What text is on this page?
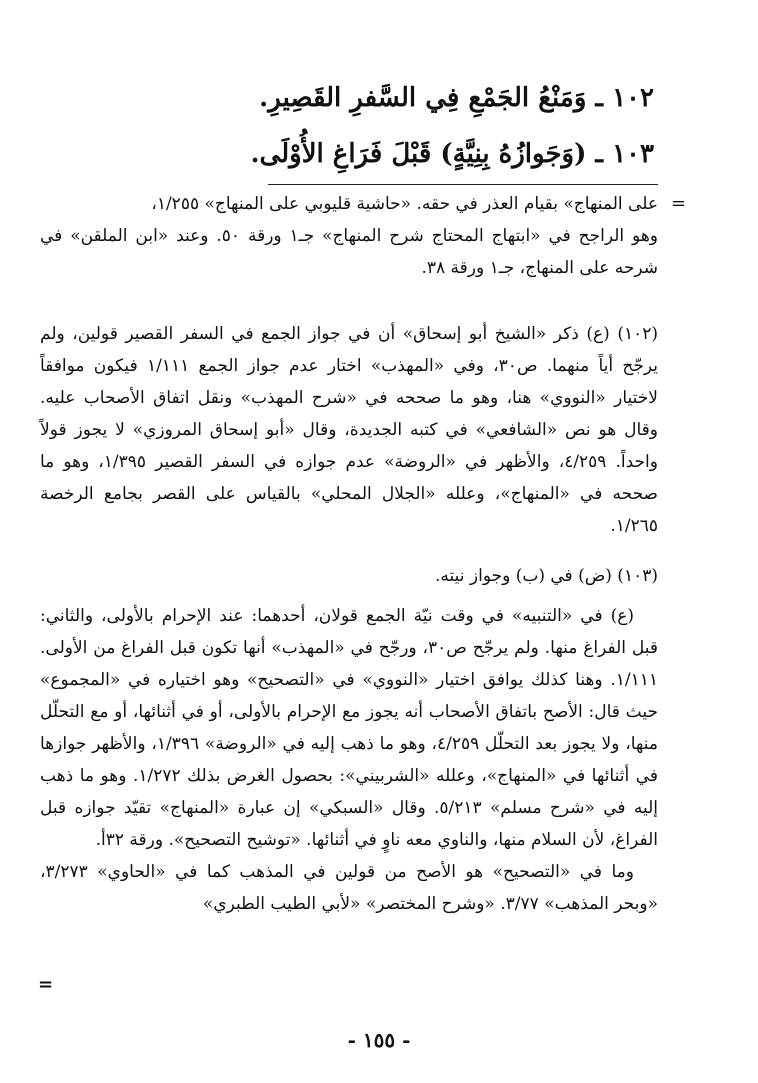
١٠٢ ـ وَمَنْعُ الجَمْعِ فِي السَّفرِ القَصِيرِ.
١٠٣ ـ (وَجَوازُهُ بِنِيَّةٍ) قَبْلَ فَرَاغِ الأُوْلَى.
=

على المنهاج» بقيام العذر في حقه. «حاشية قليوبي على المنهاج» ١/٢٥٥،

وهو الراجح في «ابتهاج المحتاج شرح المنهاج» جـ١ ورقة ٥٠. وعند «ابن الملقن» في شرحه على المنهاج، جـ١ ورقة ٣٨.

(١٠٢) (ع) ذكر «الشيخ أبو إسحاق» أن في جواز الجمع في السفر القصير قولين، ولم يرجّح أياً منهما. ص٣٠، وفي «المهذب» اختار عدم جواز الجمع ١/١١١ فيكون موافقاً لاختيار «النووي» هنا، وهو ما صححه في «شرح المهذب» ونقل اتفاق الأصحاب عليه. وقال هو نص «الشافعي» في كتبه الجديدة، وقال «أبو إسحاق المروزي» لا يجوز قولاً واحداً. ٤/٢٥٩، والأظهر في «الروضة» عدم جوازه في السفر القصير ١/٣٩٥، وهو ما صححه في «المنهاج»، وعلله «الجلال المحلي» بالقياس على القصر بجامع الرخصة ١/٢٦٥.

(١٠٣) (ض) في (ب) وجواز نيته.

(ع) في «التنبيه» في وقت نيّة الجمع قولان، أحدهما: عند الإحرام بالأولى، والثاني: قبل الفراغ منها. ولم يرجّح ص٣٠، ورجّح في «المهذب» أنها تكون قبل الفراغ من الأولى. ١/١١١. وهنا كذلك يوافق اختيار «النووي» في «التصحيح» وهو اختياره في «المجموع» حيث قال: الأصح باتفاق الأصحاب أنه يجوز مع الإحرام بالأولى، أو في أثنائها، أو مع التحلّل منها، ولا يجوز بعد التحلّل ٤/٢٥٩، وهو ما ذهب إليه في «الروضة» ١/٣٩٦، والأظهر جوازها في أثنائها في «المنهاج»، وعلله «الشربيني»: بحصول الغرض بذلك ١/٢٧٢. وهو ما ذهب إليه في «شرح مسلم» ٥/٢١٣. وقال «السبكي» إن عبارة «المنهاج» تقيّد جوازه قبل الفراغ، لأن السلام منها، والناوي معه ناوٍ في أثنائها. «توشيح التصحيح». ورقة ٣٢أ.

وما في «التصحيح» هو الأصح من قولين في المذهب كما في «الحاوي» ٣/٢٧٣، «وبحر المذهب» ٣/٧٧. «وشرح المختصر» «لأبي الطيب الطبري»

=
- ١٥٥ -
